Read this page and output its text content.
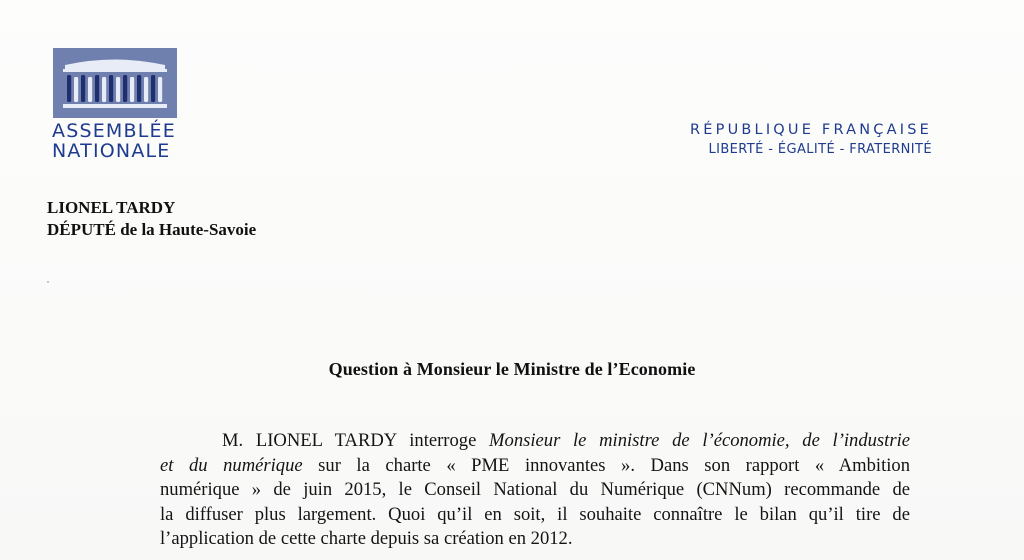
ASSEMBLÉE
NATIONALE
RÉPUBLIQUE FRANÇAISE
LIBERTÉ - ÉGALITÉ - FRATERNITÉ
LIONEL TARDY
DÉPUTÉ de la Haute-Savoie
Question à Monsieur le Ministre de l’Economie
M. LIONEL TARDY interroge Monsieur le ministre de l’économie, de l’industrie
et du numérique sur la charte « PME innovantes ». Dans son rapport « Ambition
numérique » de juin 2015, le Conseil National du Numérique (CNNum) recommande de
la diffuser plus largement. Quoi qu’il en soit, il souhaite connaître le bilan qu’il tire de
l’application de cette charte depuis sa création en 2012.
